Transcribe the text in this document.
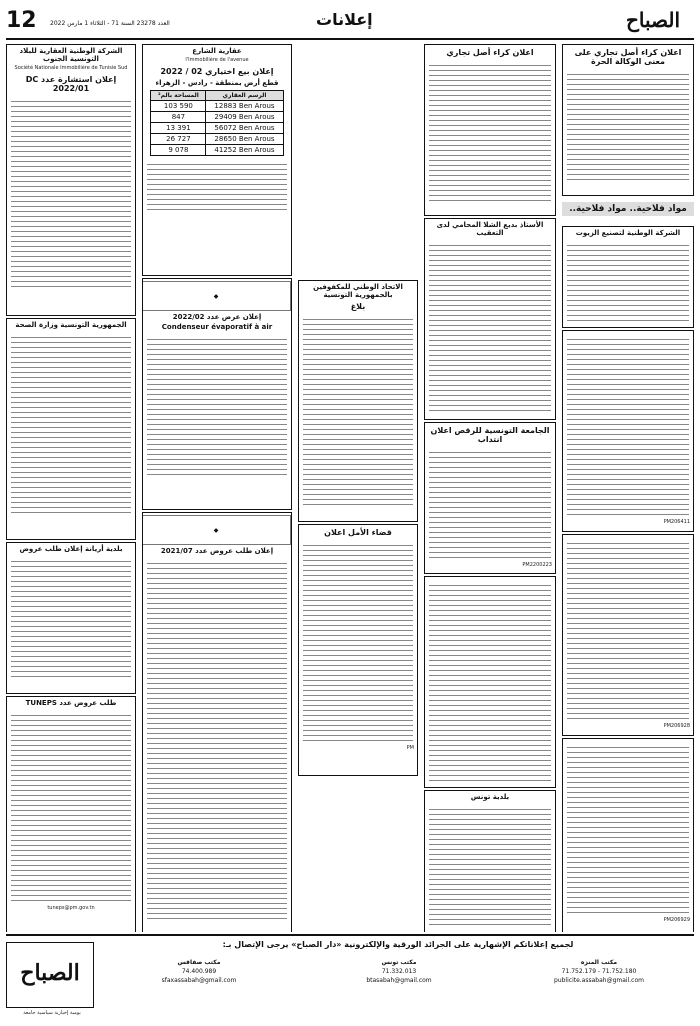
12 العدد 23278 السنة 71 - الثلاثاء 1 مارس 2022	إعلانات	الصباح
اعلان كراء أصل تجاري على معنى الوكالة الحرة
مواد فلاحية.. مواد فلاحية..
الشركة الوطنية لتصنيع الزيوت
PM206411
PM206928
PM206929
اعلان كراء أصل تجاري
الأستاذ بديع الشلا المحامي لدى التعقيب
الجامعة التونسية للرقص اعلان انتداب
PM2200223
بلدية تونس
الاتحاد الوطني للمكفوفين بالجمهورية التونسية
بلاغ
قضاء الأمل اعلان
PM
عقارية الشارع
l'Immobilière de l'avenue
إعلان بيع اختياري 02 / 2022
قطع أرض بمنطقة - رادس - الزهراء
المساحة بالم²	الرسم العقاري
103 590	12883 Ben Arous
847	29409 Ben Arous
13 391	56072 Ben Arous
26 727	28650 Ben Arous
9 078	41252 Ben Arous
◆
إعلان عرض عدد 2022/02
Condenseur évaporatif à air
◆
إعلان طلب عروض عدد 2021/07
الشركة الوطنية العقارية للبلاد التونسية الجنوب
Société Nationale Immobilière de Tunisie Sud
إعلان استشارة عدد DC 2022/01
الجمهورية التونسية وزارة الصحة
بلدية أريانة إعلان طلب عروض
طلب عروض عدد TUNEPS
tuneps@pm.gov.tn
الصباح
يومية إخبارية سياسية جامعة
لجميع إعلاناتكم الإشهارية على الجرائد الورقية والإلكترونية «دار الصباح» يرجى الإتصال بـ:
مكتب المنزه
71.752.179 - 71.752.180
publicite.assabah@gmail.com
مكتب تونس
71.332.013
btasabah@gmail.com
مكتب صفاقس
74.400.989
sfaxassabah@gmail.com
